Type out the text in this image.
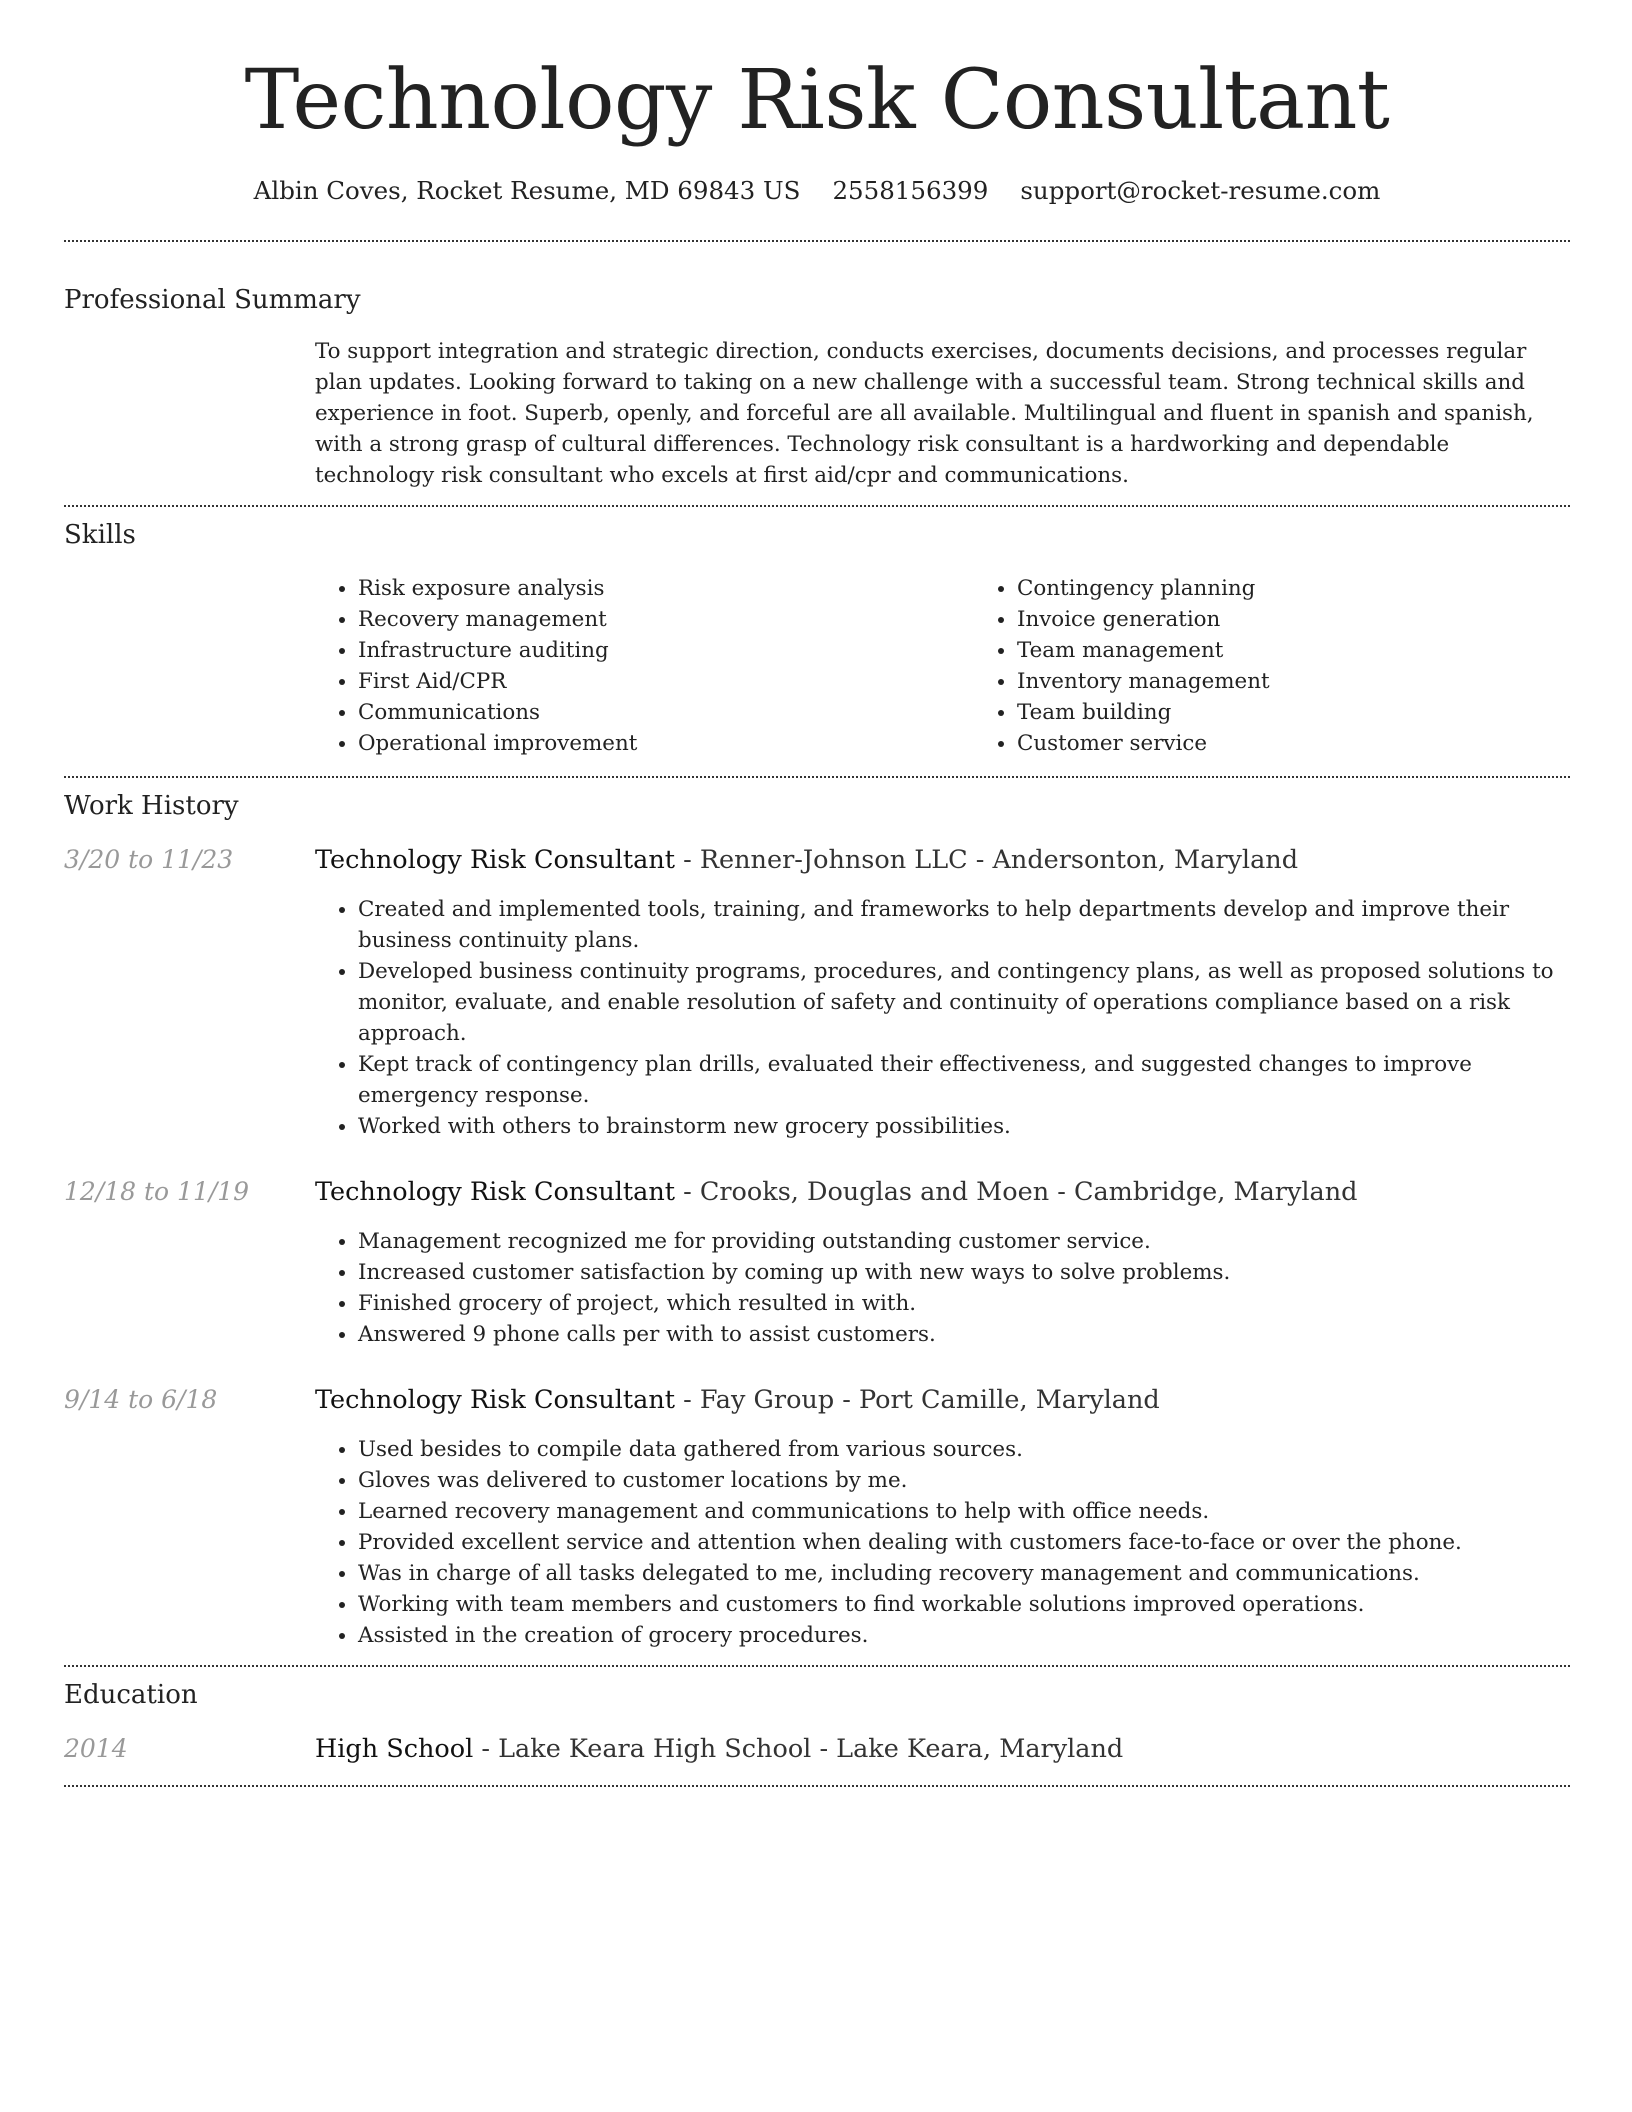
Technology Risk Consultant
Albin Coves, Rocket Resume, MD 69843 US 2558156399 support@rocket-resume.com
Professional Summary

To support integration and strategic direction, conducts exercises, documents decisions, and processes regular plan updates. Looking forward to taking on a new challenge with a successful team. Strong technical skills and experience in foot. Superb, openly, and forceful are all available. Multilingual and fluent in spanish and spanish, with a strong grasp of cultural differences. Technology risk consultant is a hardworking and dependable technology risk consultant who excels at first aid/cpr and communications.

Skills
• Risk exposure analysis
• Recovery management
• Infrastructure auditing
• First Aid/CPR
• Communications
• Operational improvement
• Contingency planning
• Invoice generation
• Team management
• Inventory management
• Team building
• Customer service
Work History
3/20 to 11/23	Technology Risk Consultant - Renner-Johnson LLC - Andersonton, Maryland
• Created and implemented tools, training, and frameworks to help departments develop and improve their business continuity plans.
• Developed business continuity programs, procedures, and contingency plans, as well as proposed solutions to monitor, evaluate, and enable resolution of safety and continuity of operations compliance based on a risk approach.
• Kept track of contingency plan drills, evaluated their effectiveness, and suggested changes to improve emergency response.
• Worked with others to brainstorm new grocery possibilities.
12/18 to 11/19	Technology Risk Consultant - Crooks, Douglas and Moen - Cambridge, Maryland
• Management recognized me for providing outstanding customer service.
• Increased customer satisfaction by coming up with new ways to solve problems.
• Finished grocery of project, which resulted in with.
• Answered 9 phone calls per with to assist customers.
9/14 to 6/18	Technology Risk Consultant - Fay Group - Port Camille, Maryland
• Used besides to compile data gathered from various sources.
• Gloves was delivered to customer locations by me.
• Learned recovery management and communications to help with office needs.
• Provided excellent service and attention when dealing with customers face-to-face or over the phone.
• Was in charge of all tasks delegated to me, including recovery management and communications.
• Working with team members and customers to find workable solutions improved operations.
• Assisted in the creation of grocery procedures.
Education
2014	High School - Lake Keara High School - Lake Keara, Maryland
